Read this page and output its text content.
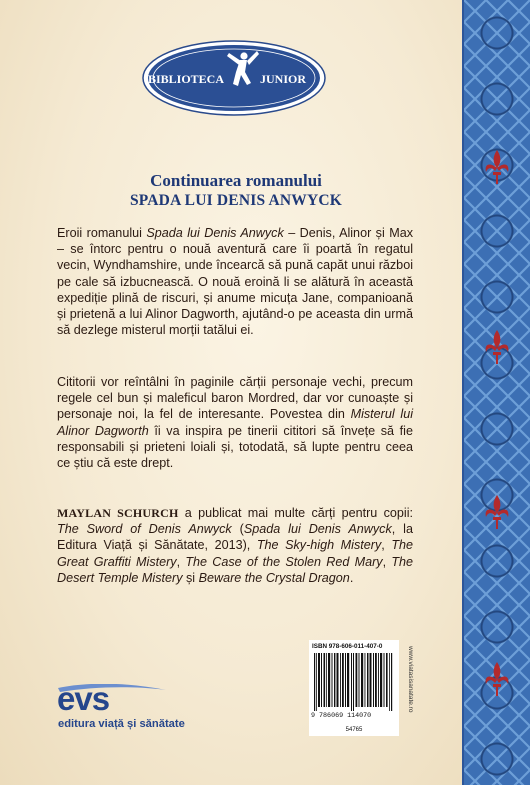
BIBLIOTECA	JUNIOR
Continuarea romanului
SPADA LUI DENIS ANWYCK
Eroii romanului Spada lui Denis Anwyck – Denis, Alinor și Max – se întorc pentru o nouă aventură care îi poartă în regatul vecin, Wyndhamshire, unde încearcă să pună capăt unui război pe cale să izbucnească. O nouă eroină li se alătură în această expediție plină de riscuri, și anume micuța Jane, companioană și prietenă a lui Alinor Dagworth, ajutând-o pe aceasta din urmă să dezlege misterul morții tatălui ei.
Cititorii vor reîntâlni în paginile cărții personaje vechi, precum regele cel bun și maleficul baron Mordred, dar vor cunoaște și personaje noi, la fel de interesante. Povestea din Misterul lui Alinor Dagworth îi va inspira pe tinerii cititori să învețe să fie responsabili și prieteni loiali și, totodată, să lupte pentru ceea ce știu că este drept.
MAYLAN SCHURCH a publicat mai multe cărți pentru copii: The Sword of Denis Anwyck (Spada lui Denis Anwyck, la Editura Viață și Sănătate, 2013), The Sky-high Mistery, The Great Graffiti Mistery, The Case of the Stolen Red Mary, The Desert Temple Mistery și Beware the Crystal Dragon.
evs
editura viață și sănătate
ISBN 978-606-011-407-0
9 786069 114070
54765
www.viatasisanatate.ro
